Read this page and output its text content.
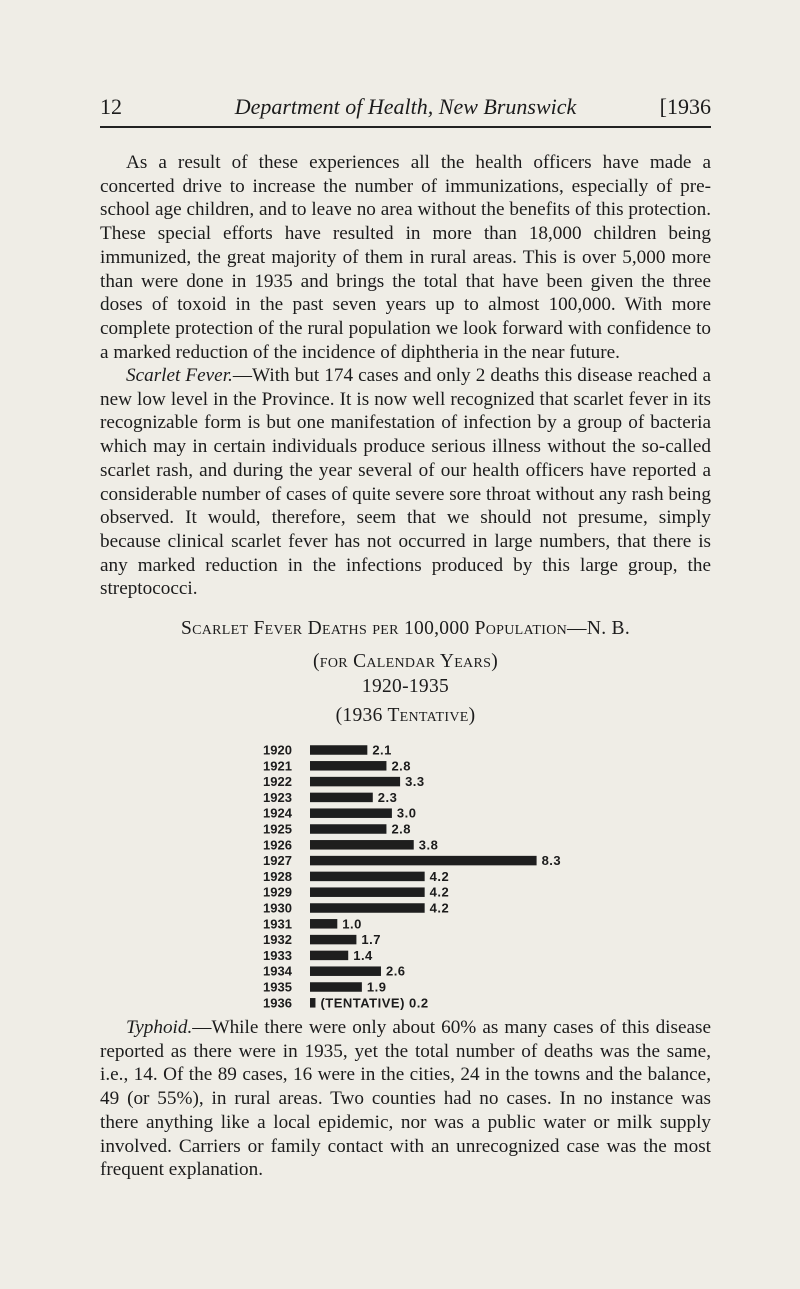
12	Department of Health, New Brunswick	[1936

As a result of these experiences all the health officers have made a concerted drive to increase the number of immunizations, especially of pre-school age children, and to leave no area without the benefits of this protection. These special efforts have resulted in more than 18,000 children being immunized, the great majority of them in rural areas. This is over 5,000 more than were done in 1935 and brings the total that have been given the three doses of toxoid in the past seven years up to almost 100,000. With more complete protection of the rural population we look forward with confidence to a marked reduction of the incidence of diphtheria in the near future.

Scarlet Fever.—With but 174 cases and only 2 deaths this disease reached a new low level in the Province. It is now well recognized that scarlet fever in its recognizable form is but one manifestation of infection by a group of bacteria which may in certain individuals produce serious illness without the so-called scarlet rash, and during the year several of our health officers have reported a considerable number of cases of quite severe sore throat without any rash being observed. It would, therefore, seem that we should not presume, simply because clinical scarlet fever has not occurred in large numbers, that there is any marked reduction in the infections produced by this large group, the streptococci.

Scarlet Fever Deaths per 100,000 Population—N. B.

(for Calendar Years)

1920-1935

(1936 Tentative)

1920	2.1
1921	2.8
1922	3.3
1923	2.3
1924	3.0
1925	2.8
1926	3.8
1927	8.3
1928	4.2
1929	4.2
1930	4.2
1931	1.0
1932	1.7
1933	1.4
1934	2.6
1935	1.9
1936 (TENTATIVE) 0.2

Typhoid.—While there were only about 60% as many cases of this disease reported as there were in 1935, yet the total number of deaths was the same, i.e., 14. Of the 89 cases, 16 were in the cities, 24 in the towns and the balance, 49 (or 55%), in rural areas. Two counties had no cases. In no instance was there anything like a local epidemic, nor was a public water or milk supply involved. Carriers or family contact with an unrecognized case was the most frequent explanation.
